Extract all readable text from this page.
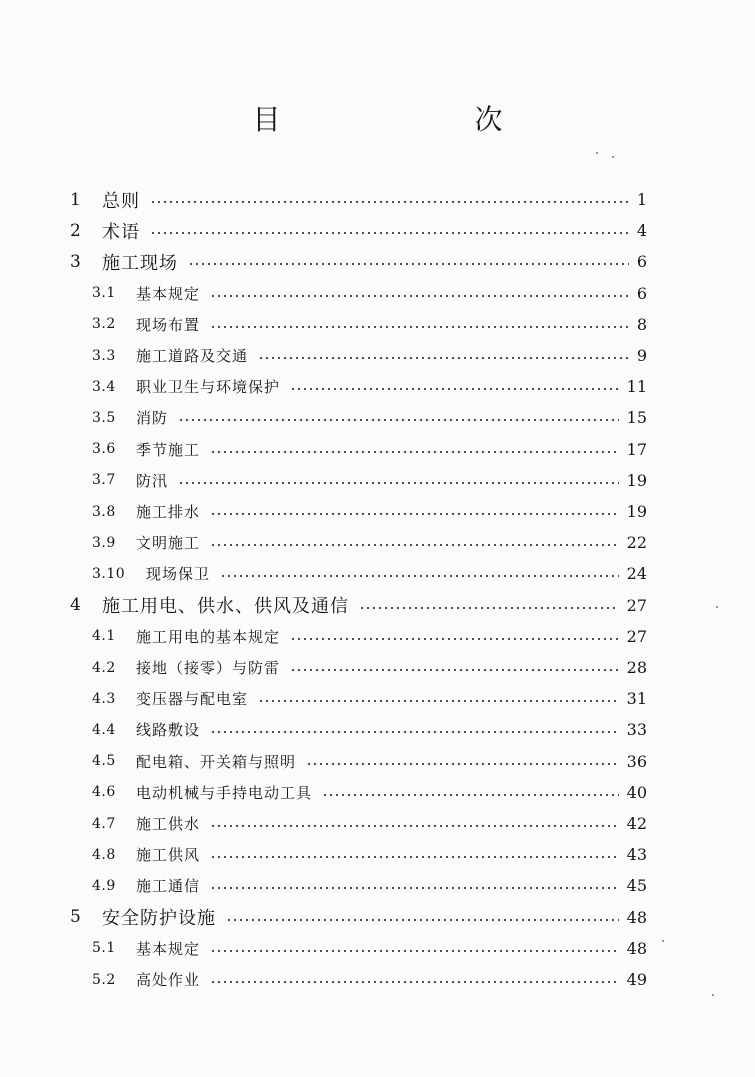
目　　次
1 总则	1
2 术语	4
3 施工现场	6
3.1 基本规定	6
3.2 现场布置	8
3.3 施工道路及交通	9
3.4 职业卫生与环境保护	11
3.5 消防	15
3.6 季节施工	17
3.7 防汛	19
3.8 施工排水	19
3.9 文明施工	22
3.10 现场保卫	24
4 施工用电、供水、供风及通信	27
4.1 施工用电的基本规定	27
4.2 接地（接零）与防雷	28
4.3 变压器与配电室	31
4.4 线路敷设	33
4.5 配电箱、开关箱与照明	36
4.6 电动机械与手持电动工具	40
4.7 施工供水	42
4.8 施工供风	43
4.9 施工通信	45
5 安全防护设施	48
5.1 基本规定	48
5.2 高处作业	49
